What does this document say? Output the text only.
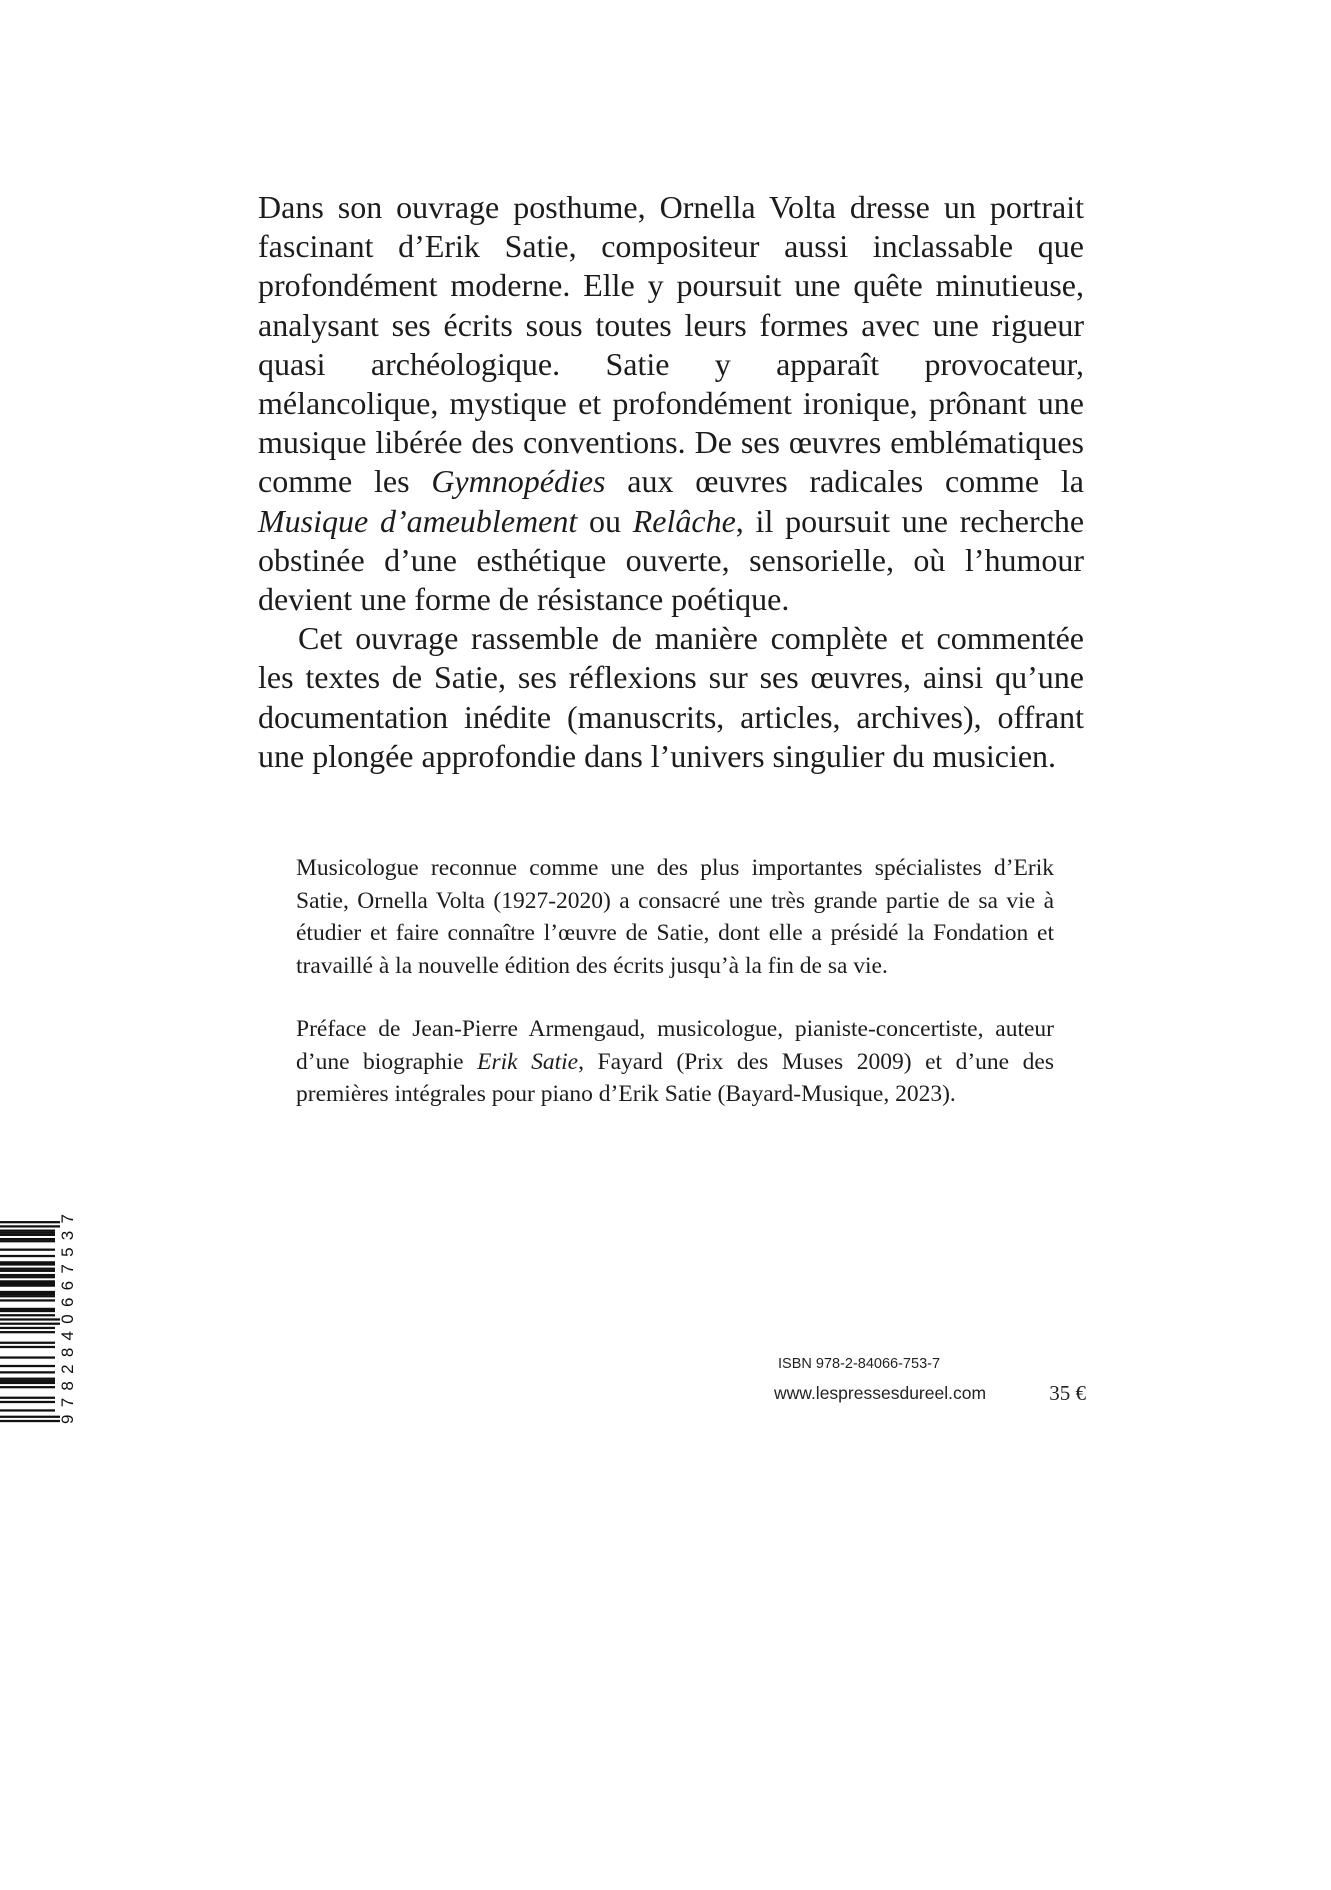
Dans son ouvrage posthume, Ornella Volta dresse un portrait fascinant d’Erik Satie, compositeur aussi inclassable que profondément moderne. Elle y poursuit une quête minutieuse, analysant ses écrits sous toutes leurs formes avec une rigueur quasi archéologique. Satie y apparaît provocateur, mélancolique, mystique et profondément ironique, prônant une musique libérée des conventions. De ses œuvres emblématiques comme les Gymnopédies aux œuvres radicales comme la Musique d’ameublement ou Relâche, il poursuit une recherche obstinée d’une esthétique ouverte, sensorielle, où l’humour devient une forme de résistance poétique.

Cet ouvrage rassemble de manière complète et commentée les textes de Satie, ses réflexions sur ses œuvres, ainsi qu’une documentation inédite (manuscrits, articles, archives), offrant une plongée approfondie dans l’univers singulier du musicien.

Musicologue reconnue comme une des plus importantes spécialistes d’Erik Satie, Ornella Volta (1927-2020) a consacré une très grande partie de sa vie à étudier et faire connaître l’œuvre de Satie, dont elle a présidé la Fondation et travaillé à la nouvelle édition des écrits jusqu’à la fin de sa vie.

Préface de Jean-Pierre Armengaud, musicologue, pianiste-concertiste, auteur d’une biographie Erik Satie, Fayard (Prix des Muses 2009) et d’une des premières intégrales pour piano d’Erik Satie (Bayard-Musique, 2023).

9782840667537
ISBN 978-2-84066-753-7
www.lespressesdureel.com	35 €
